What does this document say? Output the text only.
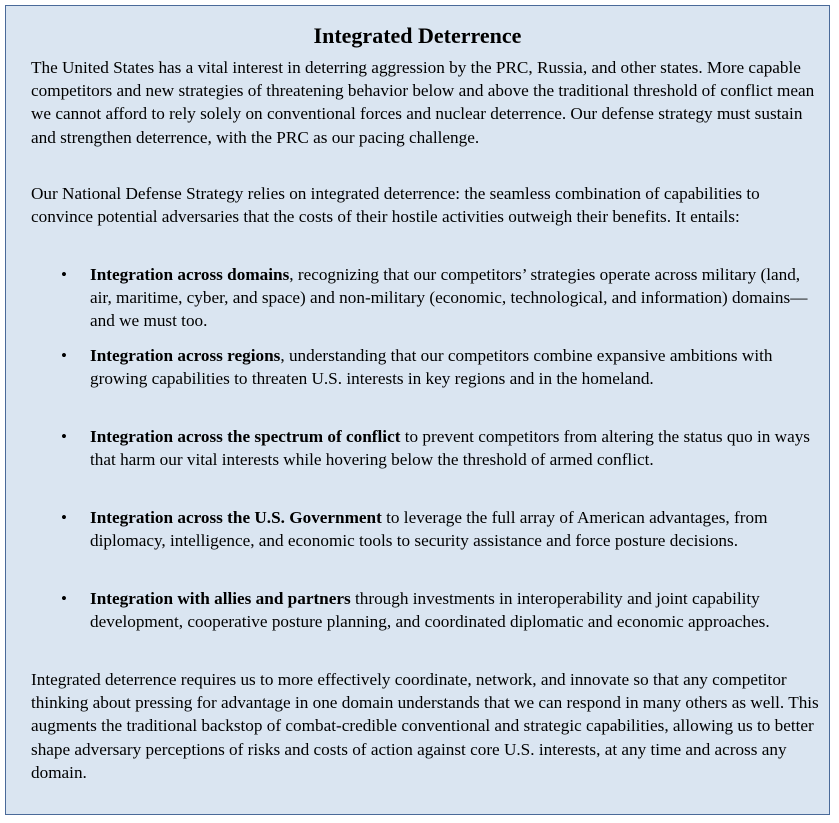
Integrated Deterrence

The United States has a vital interest in deterring aggression by the PRC, Russia, and other states. More capable competitors and new strategies of threatening behavior below and above the traditional threshold of conflict mean we cannot afford to rely solely on conventional forces and nuclear deterrence. Our defense strategy must sustain and strengthen deterrence, with the PRC as our pacing challenge.

Our National Defense Strategy relies on integrated deterrence: the seamless combination of capabilities to convince potential adversaries that the costs of their hostile activities outweigh their benefits. It entails:

• Integration across domains, recognizing that our competitors’ strategies operate across military (land, air, maritime, cyber, and space) and non-military (economic, technological, and information) domains—and we must too.
• Integration across regions, understanding that our competitors combine expansive ambitions with growing capabilities to threaten U.S. interests in key regions and in the homeland.
• Integration across the spectrum of conflict to prevent competitors from altering the status quo in ways that harm our vital interests while hovering below the threshold of armed conflict.
• Integration across the U.S. Government to leverage the full array of American advantages, from diplomacy, intelligence, and economic tools to security assistance and force posture decisions.
• Integration with allies and partners through investments in interoperability and joint capability development, cooperative posture planning, and coordinated diplomatic and economic approaches.

Integrated deterrence requires us to more effectively coordinate, network, and innovate so that any competitor thinking about pressing for advantage in one domain understands that we can respond in many others as well. This augments the traditional backstop of combat-credible conventional and strategic capabilities, allowing us to better shape adversary perceptions of risks and costs of action against core U.S. interests, at any time and across any domain.
